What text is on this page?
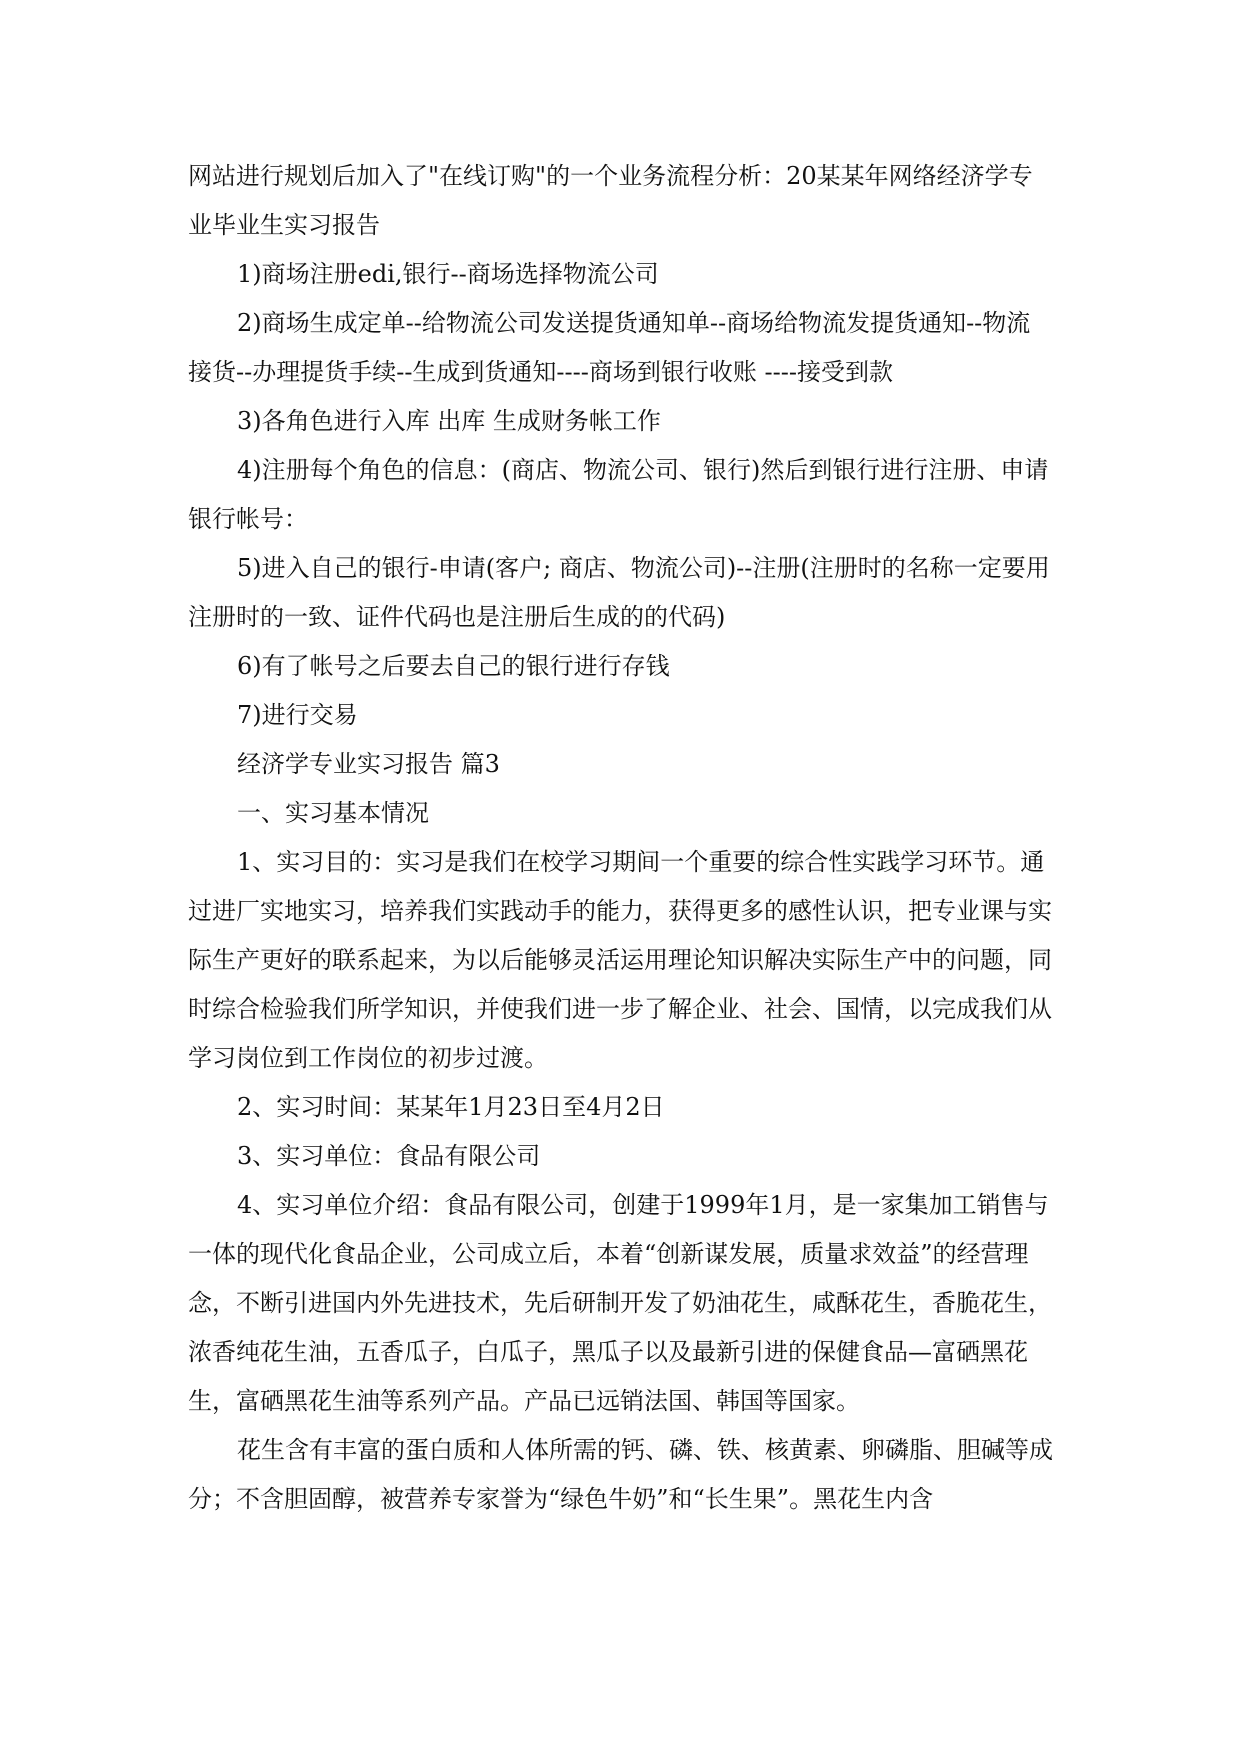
网站进行规划后加入了"在线订购"的一个业务流程分析：20某某年网络经济学专业毕业生实习报告

1)商场注册edi,银行--商场选择物流公司

2)商场生成定单--给物流公司发送提货通知单--商场给物流发提货通知--物流接货--办理提货手续--生成到货通知----商场到银行收账 ----接受到款

3)各角色进行入库 出库 生成财务帐工作

4)注册每个角色的信息：(商店、物流公司、银行)然后到银行进行注册、申请银行帐号：

5)进入自己的银行-申请(客户; 商店、物流公司)--注册(注册时的名称一定要用注册时的一致、证件代码也是注册后生成的的代码)

6)有了帐号之后要去自己的银行进行存钱

7)进行交易

经济学专业实习报告 篇3

一、实习基本情况

1、实习目的：实习是我们在校学习期间一个重要的综合性实践学习环节。通过进厂实地实习，培养我们实践动手的能力，获得更多的感性认识，把专业课与实际生产更好的联系起来，为以后能够灵活运用理论知识解决实际生产中的问题，同时综合检验我们所学知识，并使我们进一步了解企业、社会、国情，以完成我们从学习岗位到工作岗位的初步过渡。

2、实习时间：某某年1月23日至4月2日

3、实习单位：食品有限公司

4、实习单位介绍：食品有限公司，创建于1999年1月，是一家集加工销售与一体的现代化食品企业，公司成立后，本着“创新谋发展，质量求效益”的经营理念，不断引进国内外先进技术，先后研制开发了奶油花生，咸酥花生，香脆花生，浓香纯花生油，五香瓜子，白瓜子，黑瓜子以及最新引进的保健食品—富硒黑花生，富硒黑花生油等系列产品。产品已远销法国、韩国等国家。

花生含有丰富的蛋白质和人体所需的钙、磷、铁、核黄素、卵磷脂、胆碱等成分；不含胆固醇，被营养专家誉为“绿色牛奶”和“长生果”。黑花生内含
